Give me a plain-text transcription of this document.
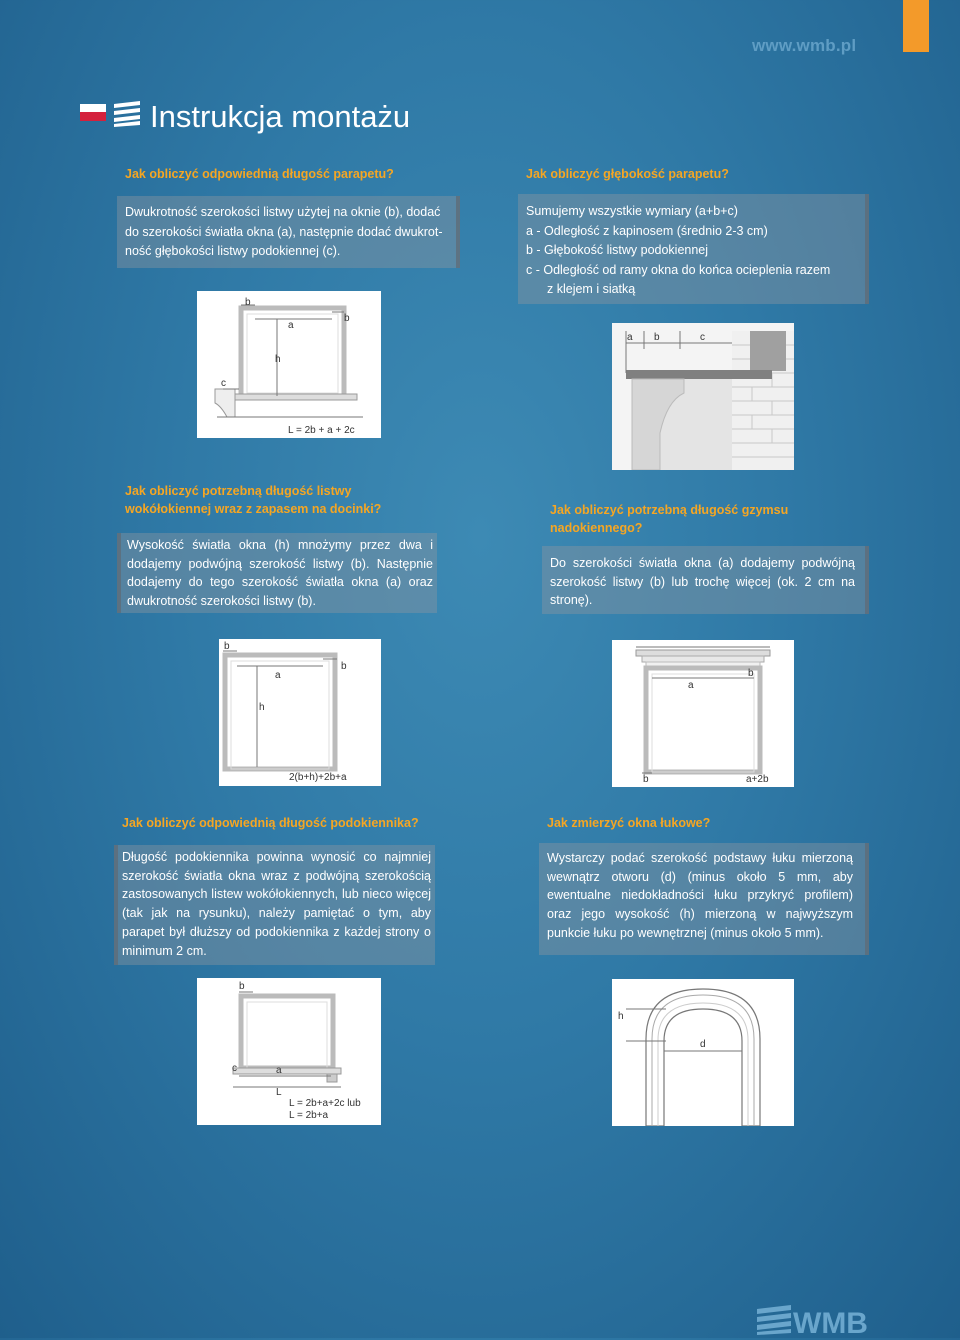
www.wmb.pl
Instrukcja montażu
Jak obliczyć odpowiednią długość parapetu?
Dwukrotność szerokości listwy użytej na oknie (b), dodać
do szerokości światła okna (a), następnie dodać dwukrot-
ność głębokości listwy podokiennej (c).
b
a
b
h
c
L = 2b + a + 2c
Jak obliczyć głębokość parapetu?
Sumujemy wszystkie wymiary (a+b+c)
a - Odległość z kapinosem (średnio 2-3 cm)
b - Głębokość listwy podokiennej
c - Odległość od ramy okna do końca ocieplenia razem
z klejem i siatką
a b	c
Jak obliczyć potrzebną długość listwy
wokółokiennej wraz z zapasem na docinki?
Wysokość światła okna (h) mnożymy przez dwa i dodajemy podwójną szerokość listwy (b). Następnie dodajemy do tego szerokość światła okna (a) oraz dwukrotność szerokości listwy (b).
b
a
b
h
2(b+h)+2b+a
Jak obliczyć potrzebną długość gzymsu
nadokiennego?
Do szerokości światła okna (a) dodajemy podwójną szerokość listwy (b) lub trochę więcej (ok. 2 cm na stronę).
a
b
b	a+2b
Jak obliczyć odpowiednią długość podokiennika?
Długość podokiennika powinna wynosić co najmniej szerokość światła okna wraz z podwójną szerokością zastosowanych listew wokółokiennych, lub nieco więcej (tak jak na rysunku), należy pamiętać o tym, aby parapet był dłuższy od podokiennika z każdej strony o minimum 2 cm.
b
c	a
L
L = 2b+a+2c lub
L = 2b+a
Jak zmierzyć okna łukowe?
Wystarczy podać szerokość podstawy łuku mierzoną wewnątrz otworu (d) (minus około 5 mm, aby ewentualne niedokładności łuku przykryć profilem) oraz jego wysokość (h) mierzoną w najwyższym punkcie łuku po wewnętrznej (minus około 5 mm).
h
d
WMB
